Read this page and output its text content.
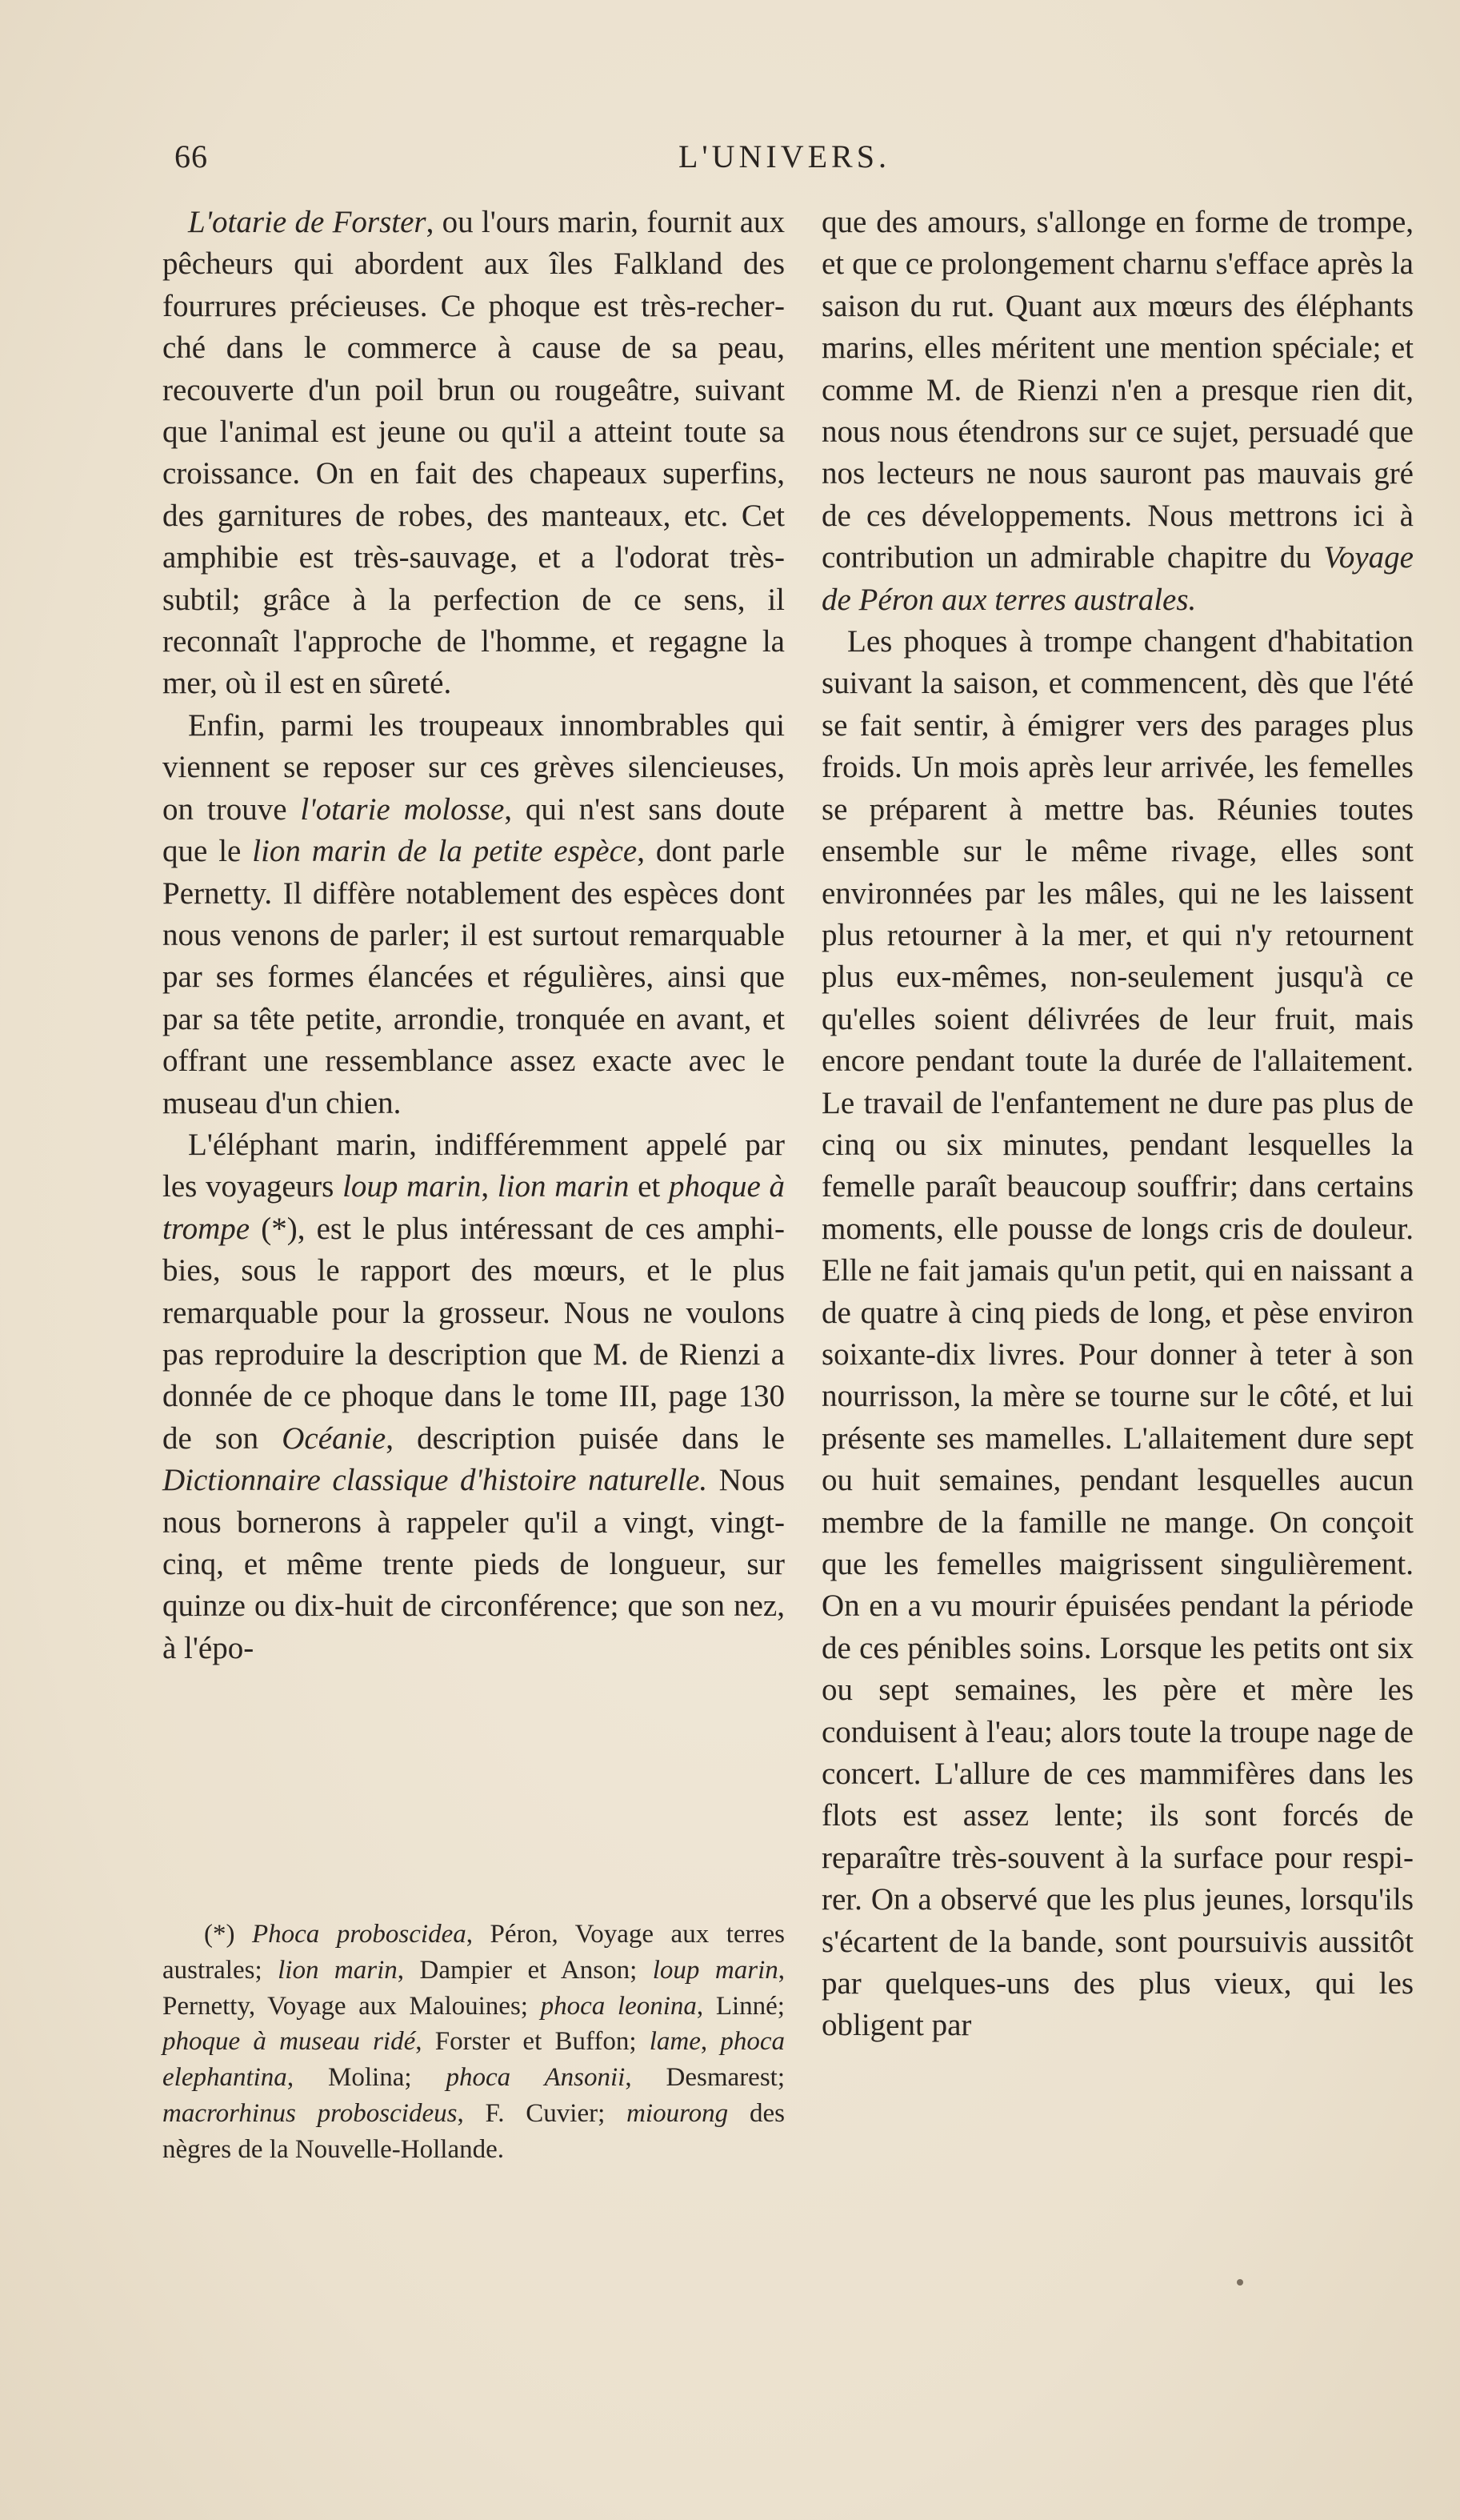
66	L'UNIVERS.

L'otarie de Forster, ou l'ours marin, fournit aux pêcheurs qui abordent aux îles Falkland des fourrures précieuses. Ce phoque est très-recherché dans le commerce à cause de sa peau, recouverte d'un poil brun ou rougeâtre, suivant que l'animal est jeune ou qu'il a atteint toute sa croissance. On en fait des chapeaux superfins, des garnitures de robes, des manteaux, etc. Cet amphibie est très-sauvage, et a l'odorat très-subtil; grâce à la perfection de ce sens, il reconnaît l'approche de l'homme, et regagne la mer, où il est en sûreté.

Enfin, parmi les troupeaux innombrables qui viennent se reposer sur ces grèves silencieuses, on trouve l'otarie molosse, qui n'est sans doute que le lion marin de la petite espèce, dont parle Pernetty. Il diffère notablement des espèces dont nous venons de parler; il est surtout remarquable par ses formes élancées et régulières, ainsi que par sa tête petite, arrondie, tronquée en avant, et offrant une ressemblance assez exacte avec le museau d'un chien.

L'éléphant marin, indifféremment appelé par les voyageurs loup marin, lion marin et phoque à trompe (*), est le plus intéressant de ces amphibies, sous le rapport des mœurs, et le plus remarquable pour la grosseur. Nous ne voulons pas reproduire la description que M. de Rienzi a donnée de ce phoque dans le tome III, page 130 de son Océanie, description puisée dans le Dictionnaire classique d'histoire naturelle. Nous nous bornerons à rappeler qu'il a vingt, vingt-cinq, et même trente pieds de longueur, sur quinze ou dix-huit de circonférence; que son nez, à l'épo-

(*) Phoca proboscidea, Péron, Voyage aux terres australes; lion marin, Dampier et Anson; loup marin, Pernetty, Voyage aux Malouines; phoca leonina, Linné; phoque à museau ridé, Forster et Buffon; lame, phoca elephantina, Molina; phoca Ansonii, Desmarest; macrorhinus proboscideus, F. Cuvier; miourong des nègres de la Nouvelle-Hollande.

que des amours, s'allonge en forme de trompe, et que ce prolongement charnu s'efface après la saison du rut. Quant aux mœurs des éléphants marins, elles méritent une mention spéciale; et comme M. de Rienzi n'en a presque rien dit, nous nous étendrons sur ce sujet, persuadé que nos lecteurs ne nous sauront pas mauvais gré de ces développements. Nous mettrons ici à contribution un admirable chapitre du Voyage de Péron aux terres australes.

Les phoques à trompe changent d'habitation suivant la saison, et commencent, dès que l'été se fait sentir, à émigrer vers des parages plus froids. Un mois après leur arrivée, les femelles se préparent à mettre bas. Réunies toutes ensemble sur le même rivage, elles sont environnées par les mâles, qui ne les laissent plus retourner à la mer, et qui n'y retournent plus eux-mêmes, non-seulement jusqu'à ce qu'elles soient délivrées de leur fruit, mais encore pendant toute la durée de l'allaitement. Le travail de l'enfantement ne dure pas plus de cinq ou six minutes, pendant lesquelles la femelle paraît beaucoup souffrir; dans certains moments, elle pousse de longs cris de douleur. Elle ne fait jamais qu'un petit, qui en naissant a de quatre à cinq pieds de long, et pèse environ soixante-dix livres. Pour donner à teter à son nourrisson, la mère se tourne sur le côté, et lui présente ses mamelles. L'allaitement dure sept ou huit semaines, pendant lesquelles aucun membre de la famille ne mange. On conçoit que les femelles maigrissent singulièrement. On en a vu mourir épuisées pendant la période de ces pénibles soins. Lorsque les petits ont six ou sept semaines, les père et mère les conduisent à l'eau; alors toute la troupe nage de concert. L'allure de ces mammifères dans les flots est assez lente; ils sont forcés de reparaître très-souvent à la surface pour respirer. On a observé que les plus jeunes, lorsqu'ils s'écartent de la bande, sont poursuivis aussitôt par quelques-uns des plus vieux, qui les obligent par
